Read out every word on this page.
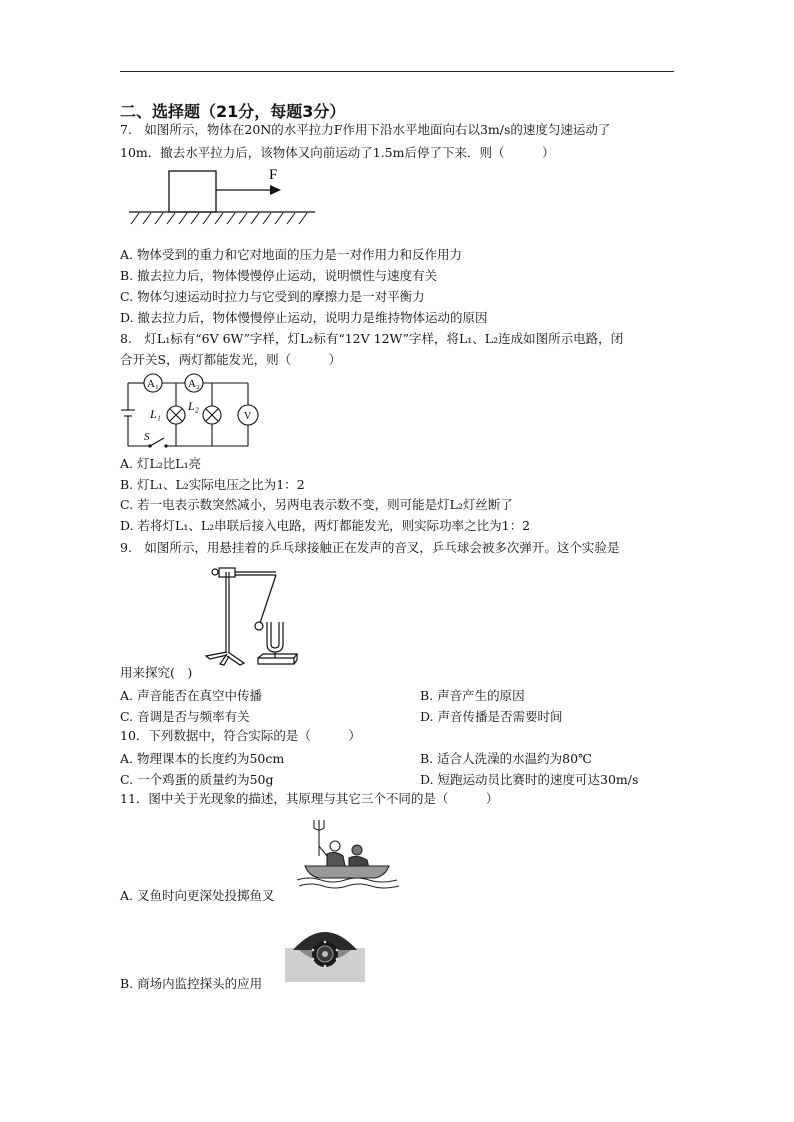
二、选择题（21分，每题3分）
7.　如图所示，物体在20N的水平拉力F作用下沿水平地面向右以3m/s的速度匀速运动了
10m．撤去水平拉力后，该物体又向前运动了1.5m后停了下来．则（　　　）
F
A. 物体受到的重力和它对地面的压力是一对作用力和反作用力
B. 撤去拉力后，物体慢慢停止运动，说明惯性与速度有关
C. 物体匀速运动时拉力与它受到的摩擦力是一对平衡力
D. 撤去拉力后，物体慢慢停止运动，说明力是维持物体运动的原因
8.　灯L₁标有“6V 6W”字样，灯L₂标有“12V 12W”字样，将L₁、L₂连成如图所示电路，闭
合开关S，两灯都能发光，则（　　　）
A₁	A₂
L₁
L₂
V
S
A. 灯L₂比L₁亮
B. 灯L₁、L₂实际电压之比为1：2
C. 若一电表示数突然减小，另两电表示数不变，则可能是灯L₂灯丝断了
D. 若将灯L₁、L₂串联后接入电路，两灯都能发光，则实际功率之比为1：2
9.　如图所示，用悬挂着的乒乓球接触正在发声的音叉，乒乓球会被多次弹开。这个实验是
用来探究(　)
A. 声音能否在真空中传播	B. 声音产生的原因
C. 音调是否与频率有关	D. 声音传播是否需要时间
10．下列数据中，符合实际的是（　　　）
A. 物理课本的长度约为50cm	B. 适合人洗澡的水温约为80℃
C. 一个鸡蛋的质量约为50g	D. 短跑运动员比赛时的速度可达30m/s
11．图中关于光现象的描述，其原理与其它三个不同的是（　　　）
A. 叉鱼时向更深处投掷鱼叉
B. 商场内监控探头的应用
